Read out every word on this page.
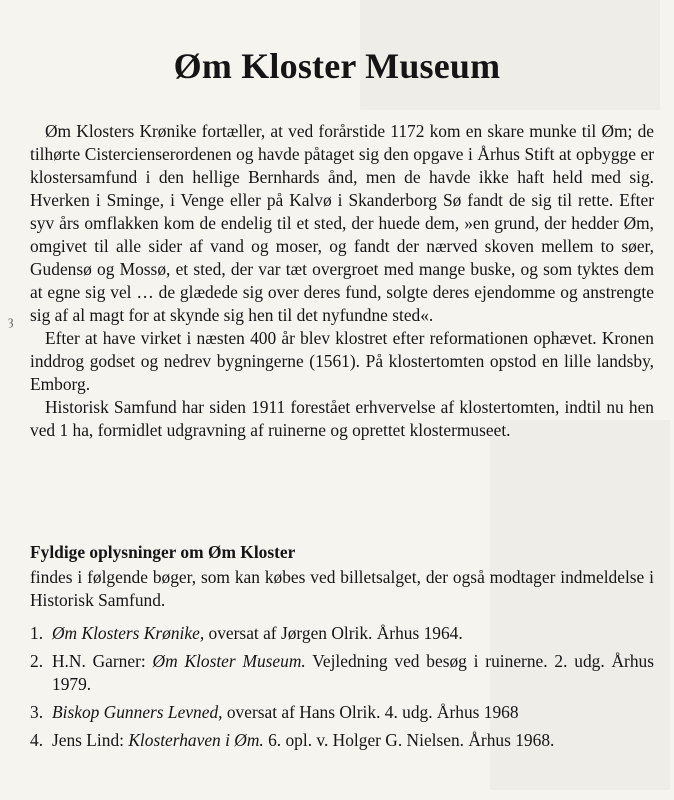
Øm Kloster Museum
ȝ

Øm Klosters Krønike fortæller, at ved forårstide 1172 kom en skare munke til Øm; de tilhørte Cistercienserordenen og havde påtaget sig den opgave i Århus Stift at opbygge er klostersamfund i den hellige Bernhards ånd, men de havde ikke haft held med sig. Hverken i Sminge, i Venge eller på Kalvø i Skanderborg Sø fandt de sig til rette. Efter syv års omflakken kom de endelig til et sted, der huede dem, »en grund, der hedder Øm, omgivet til alle sider af vand og moser, og fandt der nærved skoven mellem to søer, Gudensø og Mossø, et sted, der var tæt overgroet med mange buske, og som tyktes dem at egne sig vel … de glædede sig over deres fund, solgte deres ejendomme og anstrengte sig af al magt for at skynde sig hen til det nyfundne sted«.

Efter at have virket i næsten 400 år blev klostret efter reformationen ophævet. Kronen inddrog godset og nedrev bygningerne (1561). På klostertomten opstod en lille landsby, Emborg.

Historisk Samfund har siden 1911 forestået erhvervelse af klostertomten, indtil nu hen ved 1 ha, formidlet udgravning af ruinerne og oprettet klostermuseet.

Fyldige oplysninger om Øm Kloster
findes i følgende bøger, som kan købes ved billetsalget, der også modtager indmeldelse i Historisk Samfund.
1. Øm Klosters Krønike, oversat af Jørgen Olrik. Århus 1964.
2. H.N. Garner: Øm Kloster Museum. Vejledning ved besøg i ruinerne. 2. udg. Århus 1979.
3. Biskop Gunners Levned, oversat af Hans Olrik. 4. udg. Århus 1968
4. Jens Lind: Klosterhaven i Øm. 6. opl. v. Holger G. Nielsen. Århus 1968.
